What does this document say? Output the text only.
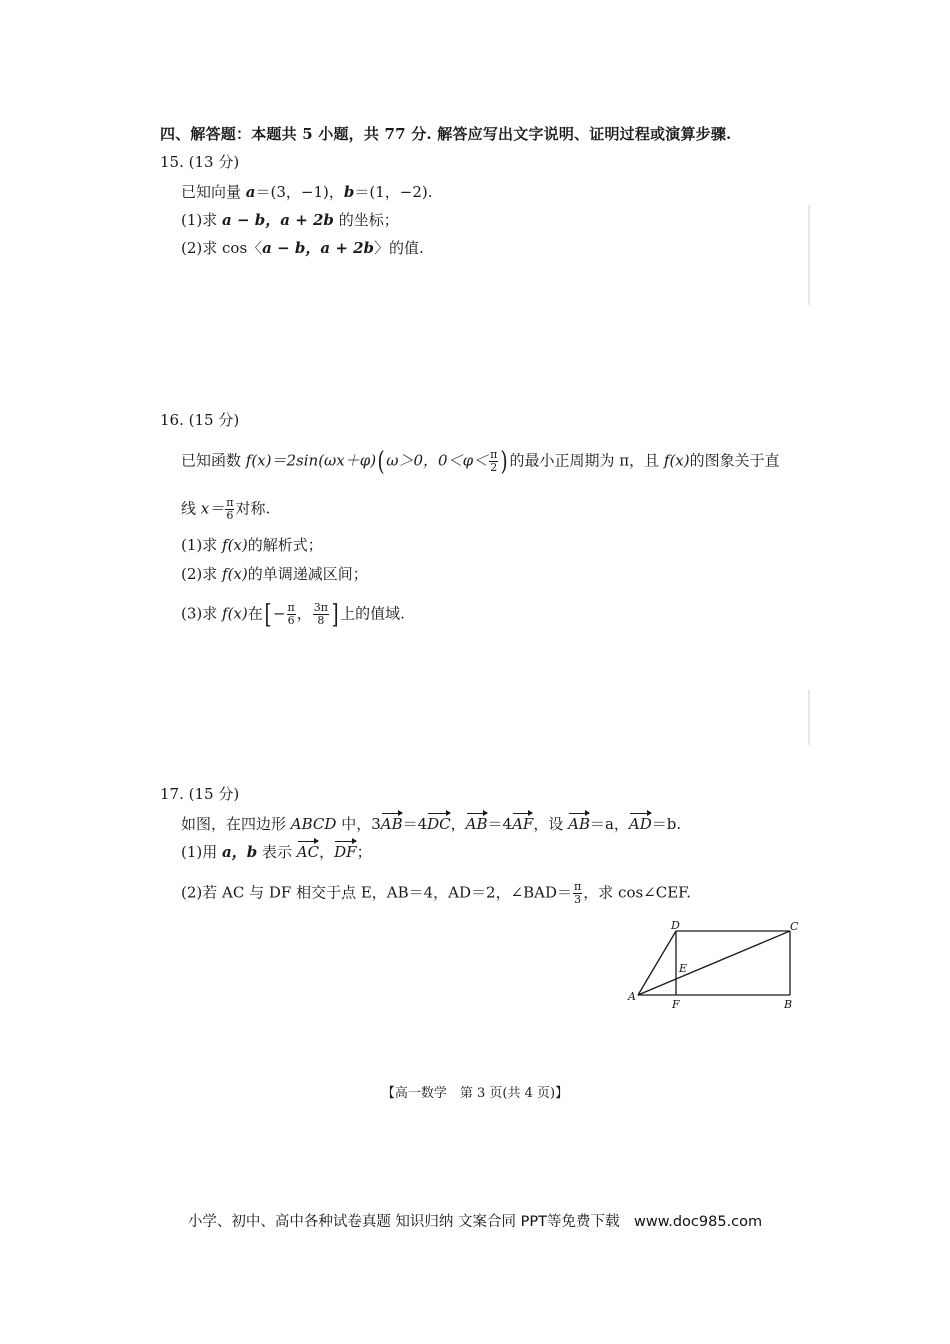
四、解答题：本题共 5 小题，共 77 分. 解答应写出文字说明、证明过程或演算步骤.
15. (13 分)
已知向量 a＝(3，−1)，b＝(1，−2).
(1)求 a − b，a + 2b 的坐标；
(2)求 cos〈a − b，a + 2b〉的值.
16. (15 分)
已知函数 f(x)＝2sin(ωx＋φ)( ω＞0，$0<\varphi< \frac{\pi}{2}$ ) 的最小正周期为 π，且 f(x)的图象关于直
线 $x= \frac{\pi}{6}$ 对称.
(1)求 f(x)的解析式；
(2)求 f(x)的单调递减区间；
(3)求 f(x)在[ − $\frac{\pi}{6}$ ， $\frac{3\pi}{8}$ ] 上的值域.
17. (15 分)
如图，在四边形 ABCD 中，3AB＝4DC，AB＝4AF，设 AB＝a，AD＝b.
(1)用 a，b 表示 AC，DF；
(2)若 AC 与 DF 相交于点 E，AB＝4，AD＝2，∠BAD＝ $\frac{\pi}{3}$ ，求 cos∠CEF.
A
B
C
D
E
F
【高一数学　第 3 页(共 4 页)】
小学、初中、高中各种试卷真题 知识归纳 文案合同 PPT等免费下载　www.doc985.com
